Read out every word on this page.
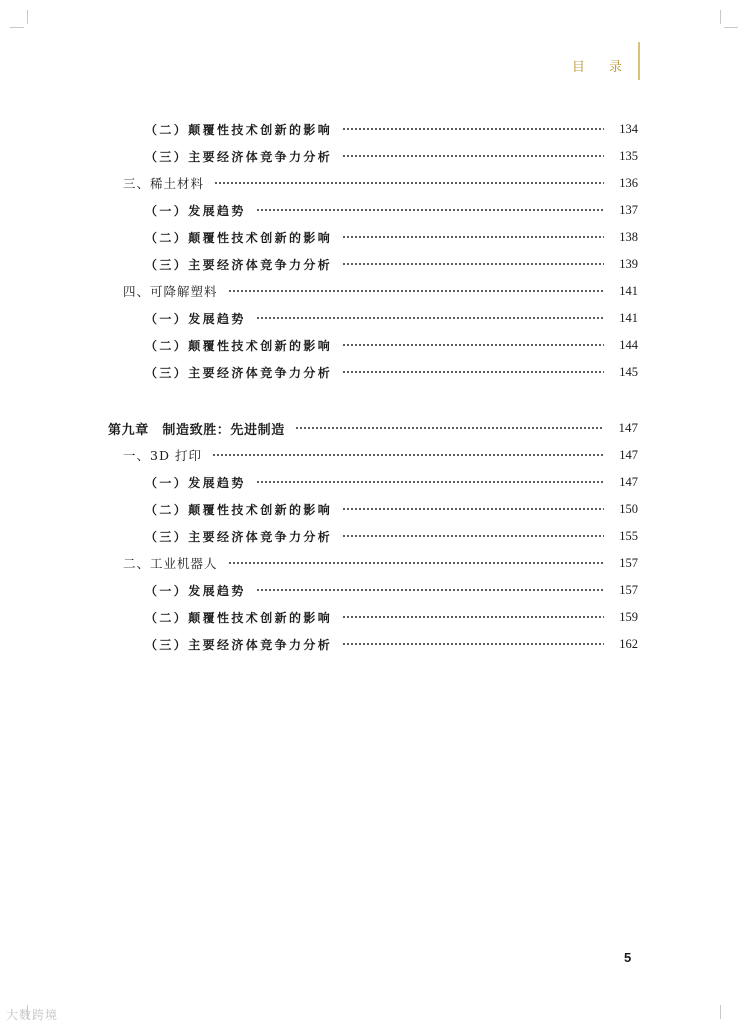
目 录
（二）颠覆性技术创新的影响	134
（三）主要经济体竞争力分析	135
三、稀土材料	136
（一）发展趋势	137
（二）颠覆性技术创新的影响	138
（三）主要经济体竞争力分析	139
四、可降解塑料	141
（一）发展趋势	141
（二）颠覆性技术创新的影响	144
（三）主要经济体竞争力分析	145
第九章　制造致胜：先进制造	147
一、3D 打印	147
（一）发展趋势	147
（二）颠覆性技术创新的影响	150
（三）主要经济体竞争力分析	155
二、工业机器人	157
（一）发展趋势	157
（二）颠覆性技术创新的影响	159
（三）主要经济体竞争力分析	162
5
大数跨境
